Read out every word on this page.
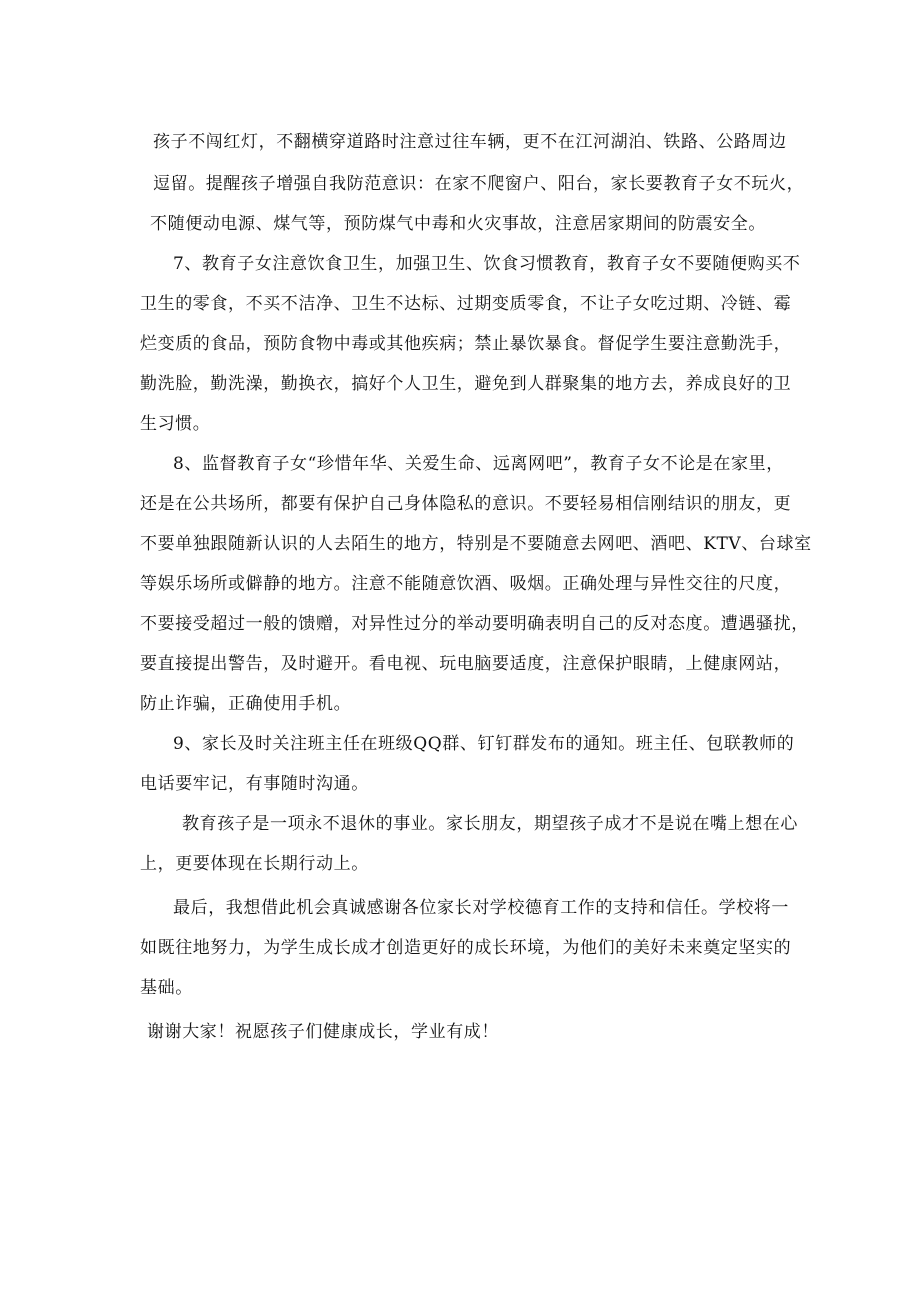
孩子不闯红灯，不翻横穿道路时注意过往车辆，更不在江河湖泊、铁路、公路周边
逗留。提醒孩子增强自我防范意识：在家不爬窗户、阳台，家长要教育子女不玩火，
不随便动电源、煤气等，预防煤气中毒和火灾事故，注意居家期间的防震安全。
7、教育子女注意饮食卫生，加强卫生、饮食习惯教育，教育子女不要随便购买不
卫生的零食，不买不洁净、卫生不达标、过期变质零食，不让子女吃过期、冷链、霉
烂变质的食品，预防食物中毒或其他疾病；禁止暴饮暴食。督促学生要注意勤洗手，
勤洗脸，勤洗澡，勤换衣，搞好个人卫生，避免到人群聚集的地方去，养成良好的卫
生习惯。
8、监督教育子女“珍惜年华、关爱生命、远离网吧”，教育子女不论是在家里，
还是在公共场所，都要有保护自己身体隐私的意识。不要轻易相信刚结识的朋友，更
不要单独跟随新认识的人去陌生的地方，特别是不要随意去网吧、酒吧、KTV、台球室
等娱乐场所或僻静的地方。注意不能随意饮酒、吸烟。正确处理与异性交往的尺度，
不要接受超过一般的馈赠，对异性过分的举动要明确表明自己的反对态度。遭遇骚扰，
要直接提出警告，及时避开。看电视、玩电脑要适度，注意保护眼睛，上健康网站，
防止诈骗，正确使用手机。
9、家长及时关注班主任在班级QQ群、钉钉群发布的通知。班主任、包联教师的
电话要牢记，有事随时沟通。
教育孩子是一项永不退休的事业。家长朋友，期望孩子成才不是说在嘴上想在心
上，更要体现在长期行动上。
最后，我想借此机会真诚感谢各位家长对学校德育工作的支持和信任。学校将一
如既往地努力，为学生成长成才创造更好的成长环境，为他们的美好未来奠定坚实的
基础。
谢谢大家！祝愿孩子们健康成长，学业有成！
